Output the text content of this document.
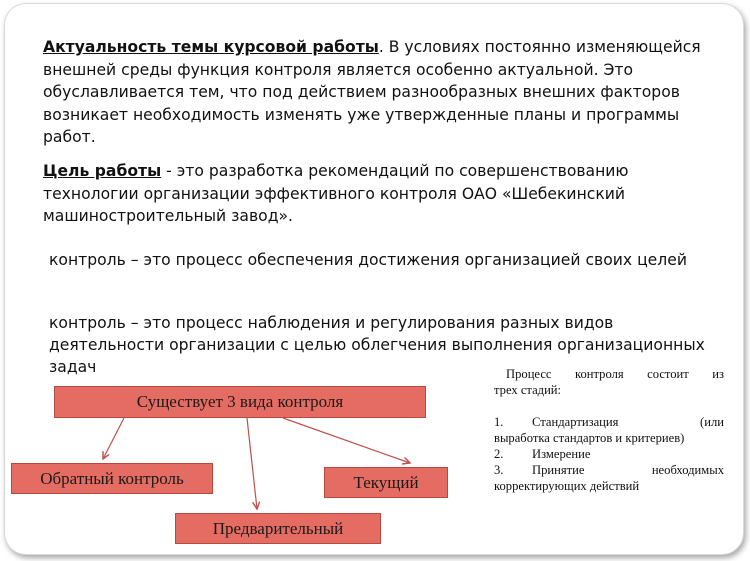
Актуальность темы курсовой работы. В условиях постоянно изменяющейся внешней среды функция контроля является особенно актуальной. Это обуславливается тем, что под действием разнообразных внешних факторов возникает необходимость изменять уже утвержденные планы и программы работ.
Цель работы - это разработка рекомендаций по совершенствованию технологии организации эффективного контроля ОАО «Шебекинский машиностроительный завод».
контроль – это процесс обеспечения достижения организацией своих целей
контроль – это процесс наблюдения и регулирования разных видов деятельности организации с целью облегчения выполнения организационных задач
Существует 3 вида контроля
Обратный контроль	Текущий
Предварительный
Процесс контроля состоит из
трех стадий:
1.	Стандартизация (или
выработка стандартов и критериев)
2.	Измерение
3.	Принятие необходимых
корректирующих действий
